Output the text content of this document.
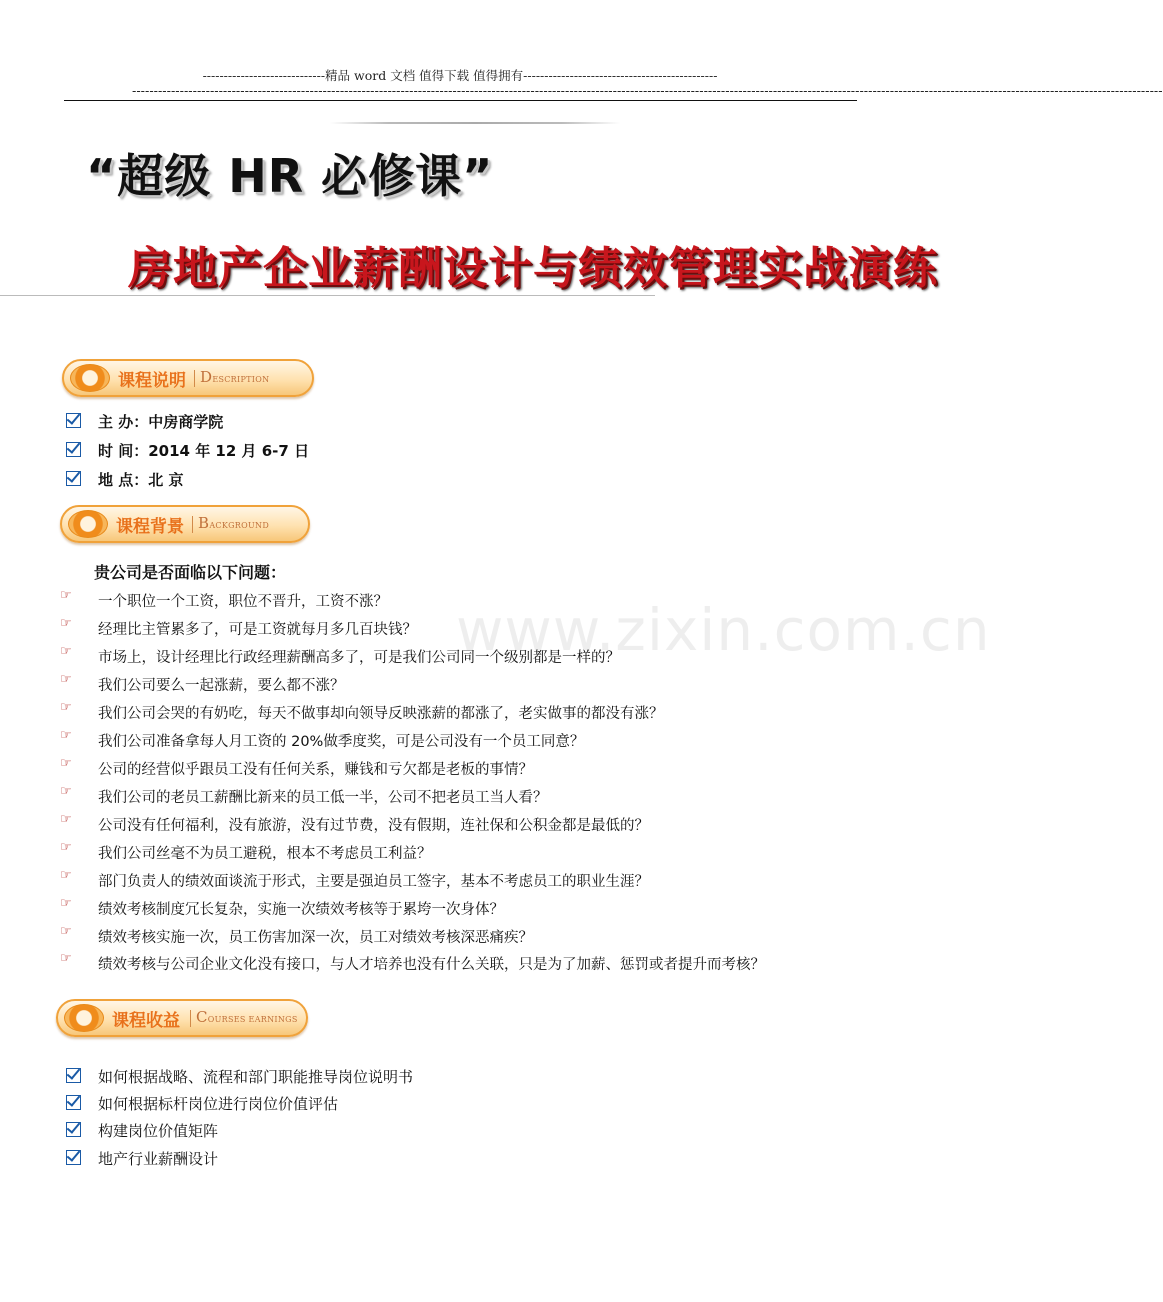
-----------------------------精品 word 文档 值得下载 值得拥有----------------------------------------------
----------------------------------------------------------------------------------------------------------------------------------------------------------------------------------------------------------------------------------------------
“超级 HR 必修课”
房地产企业薪酬设计与绩效管理实战演练
课程说明 DESCRIPTION
主 办：中房商学院
时 间：2014 年 12 月 6-7 日
地 点：北 京
课程背景 BACKGROUND
贵公司是否面临以下问题：
www.zixin.com.cn
☞ 一个职位一个工资，职位不晋升，工资不涨？
☞ 经理比主管累多了，可是工资就每月多几百块钱？
☞ 市场上，设计经理比行政经理薪酬高多了，可是我们公司同一个级别都是一样的？
☞ 我们公司要么一起涨薪，要么都不涨？
☞ 我们公司会哭的有奶吃，每天不做事却向领导反映涨薪的都涨了，老实做事的都没有涨？
☞ 我们公司准备拿每人月工资的 20%做季度奖，可是公司没有一个员工同意？
☞ 公司的经营似乎跟员工没有任何关系，赚钱和亏欠都是老板的事情？
☞ 我们公司的老员工薪酬比新来的员工低一半，公司不把老员工当人看？
☞ 公司没有任何福利，没有旅游，没有过节费，没有假期，连社保和公积金都是最低的？
☞ 我们公司丝毫不为员工避税，根本不考虑员工利益？
☞ 部门负责人的绩效面谈流于形式，主要是强迫员工签字，基本不考虑员工的职业生涯？
☞ 绩效考核制度冗长复杂，实施一次绩效考核等于累垮一次身体？
☞ 绩效考核实施一次，员工伤害加深一次，员工对绩效考核深恶痛疾？
☞ 绩效考核与公司企业文化没有接口，与人才培养也没有什么关联，只是为了加薪、惩罚或者提升而考核？
课程收益 COURSES EARNINGS
如何根据战略、流程和部门职能推导岗位说明书
如何根据标杆岗位进行岗位价值评估
构建岗位价值矩阵
地产行业薪酬设计
